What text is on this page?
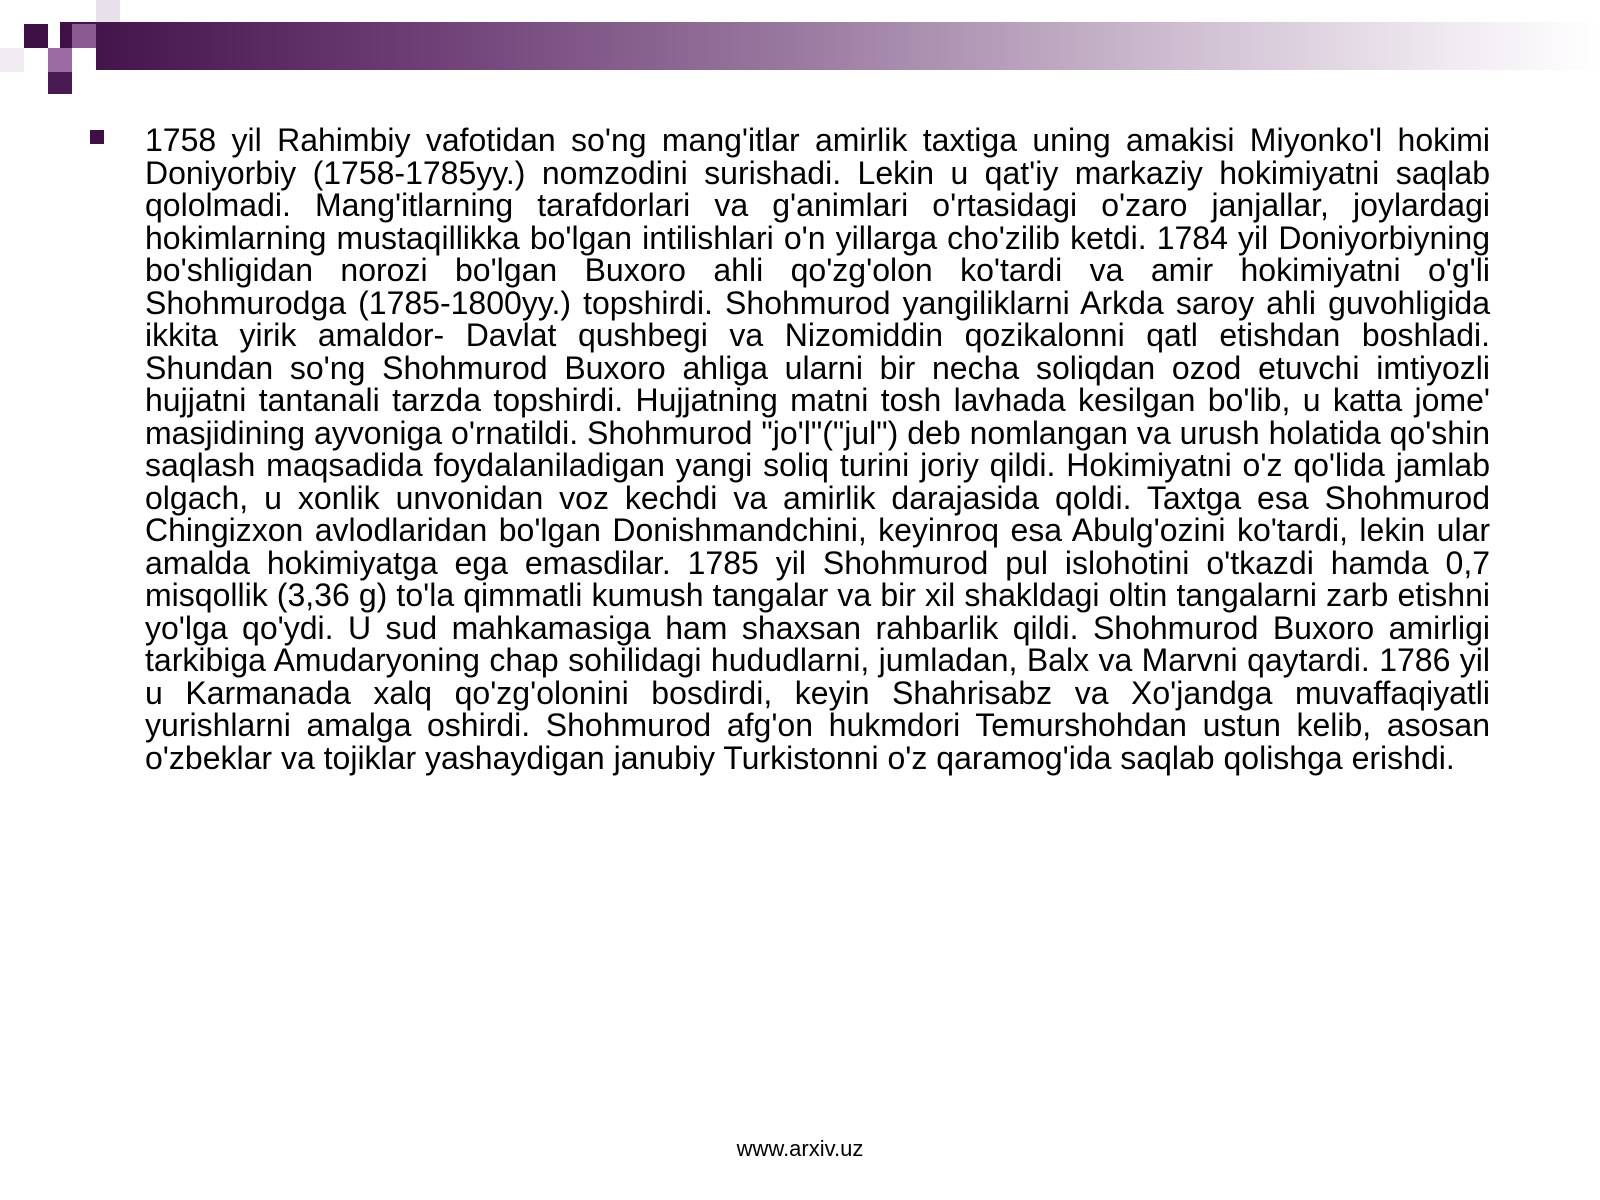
1758 yil Rahimbiy vafotidan so'ng mang'itlar amirlik taxtiga uning amakisi Miyonko'l hokimi Doniyorbiy (1758-1785yy.) nomzodini surishadi. Lekin u qat'iy markaziy hokimiyatni saqlab qololmadi. Mang'itlarning tarafdorlari va g'animlari o'rtasidagi o'zaro janjallar, joylardagi hokimlarning mustaqillikka bo'lgan intilishlari o'n yillarga cho'zilib ketdi. 1784 yil Doniyorbiyning bo'shligidan norozi bo'lgan Buxoro ahli qo'zg'olon ko'tardi va amir hokimiyatni o'g'li Shohmurodga (1785-1800yy.) topshirdi. Shohmurod yangiliklarni Arkda saroy ahli guvohligida ikkita yirik amaldor- Davlat qushbegi va Nizomiddin qozikalonni qatl etishdan boshladi. Shundan so'ng Shohmurod Buxoro ahliga ularni bir necha soliqdan ozod etuvchi imtiyozli hujjatni tantanali tarzda topshirdi. Hujjatning matni tosh lavhada kesilgan bo'lib, u katta jome' masjidining ayvoniga o'rnatildi. Shohmurod "jo'l"("jul") deb nomlangan va urush holatida qo'shin saqlash maqsadida foydalaniladigan yangi soliq turini joriy qildi. Hokimiyatni o'z qo'lida jamlab olgach, u xonlik unvonidan voz kechdi va amirlik darajasida qoldi. Taxtga esa Shohmurod Chingizxon avlodlaridan bo'lgan Donishmandchini, keyinroq esa Abulg'ozini ko'tardi, lekin ular amalda hokimiyatga ega emasdilar. 1785 yil Shohmurod pul islohotini o'tkazdi hamda 0,7 misqollik (3,36 g) to'la qimmatli kumush tangalar va bir xil shakldagi oltin tangalarni zarb etishni yo'lga qo'ydi. U sud mahkamasiga ham shaxsan rahbarlik qildi. Shohmurod Buxoro amirligi tarkibiga Amudaryoning chap sohilidagi hududlarni, jumladan, Balx va Marvni qaytardi. 1786 yil u Karmanada xalq qo'zg'olonini bosdirdi, keyin Shahrisabz va Xo'jandga muvaffaqiyatli yurishlarni amalga oshirdi. Shohmurod afg'on hukmdori Temurshohdan ustun kelib, asosan o'zbeklar va tojiklar yashaydigan janubiy Turkistonni o'z qaramog'ida saqlab qolishga erishdi.

www.arxiv.uz
